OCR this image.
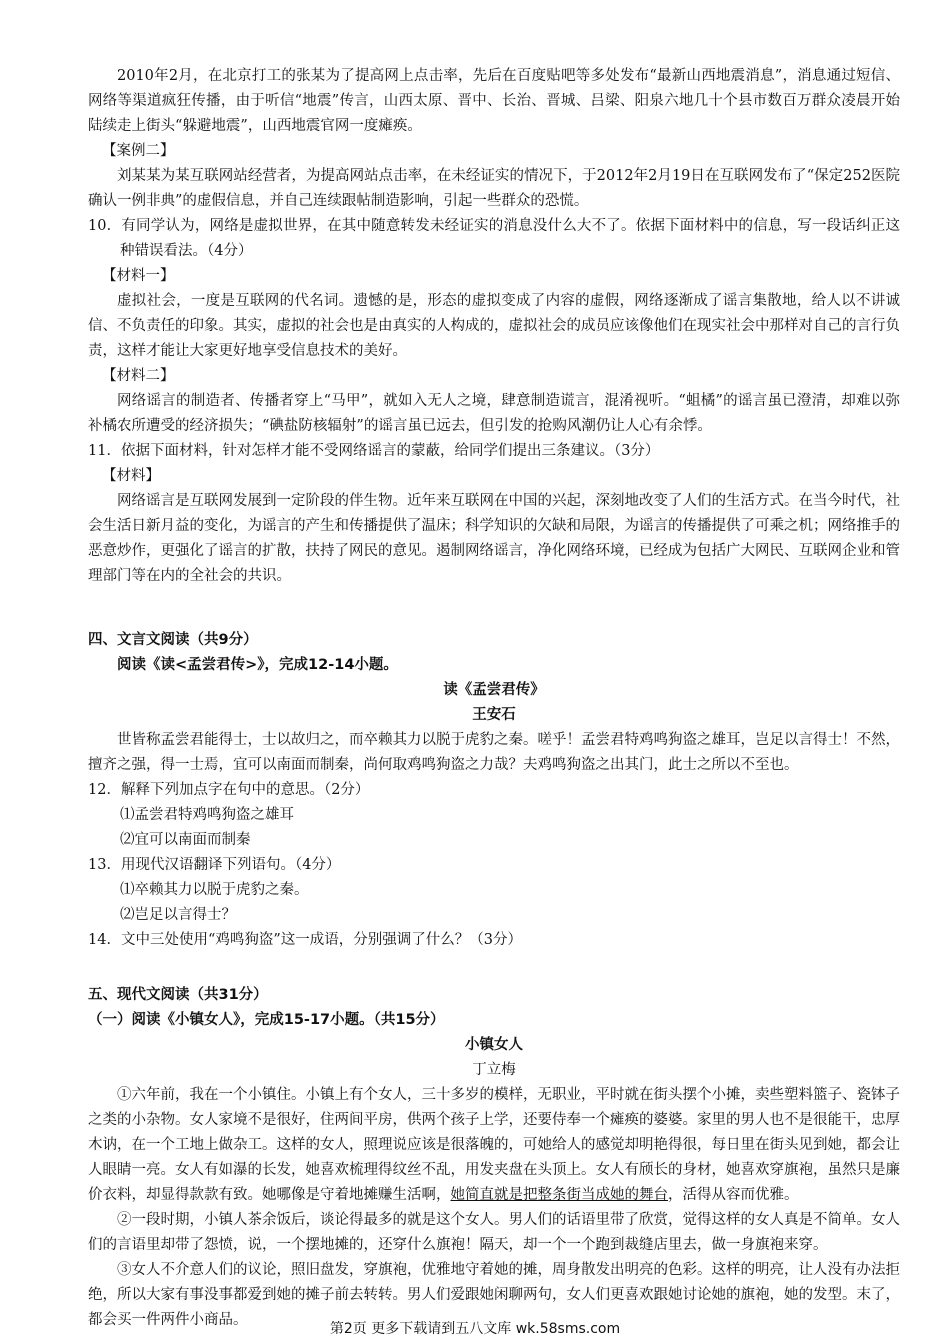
2010年2月，在北京打工的张某为了提高网上点击率，先后在百度贴吧等多处发布“最新山西地震消息”，消息通过短信、网络等渠道疯狂传播，由于听信“地震”传言，山西太原、晋中、长治、晋城、吕梁、阳泉六地几十个县市数百万群众凌晨开始陆续走上街头“躲避地震”，山西地震官网一度瘫痪。

【案例二】

刘某某为某互联网站经营者，为提高网站点击率，在未经证实的情况下，于2012年2月19日在互联网发布了“保定252医院确认一例非典”的虚假信息，并自己连续跟帖制造影响，引起一些群众的恐慌。

10．有同学认为，网络是虚拟世界，在其中随意转发未经证实的消息没什么大不了。依据下面材料中的信息，写一段话纠正这种错误看法。（4分）

【材料一】

虚拟社会，一度是互联网的代名词。遗憾的是，形态的虚拟变成了内容的虚假，网络逐渐成了谣言集散地，给人以不讲诚信、不负责任的印象。其实，虚拟的社会也是由真实的人构成的，虚拟社会的成员应该像他们在现实社会中那样对自己的言行负责，这样才能让大家更好地享受信息技术的美好。

【材料二】

网络谣言的制造者、传播者穿上“马甲”，就如入无人之境，肆意制造谎言，混淆视听。“蛆橘”的谣言虽已澄清，却难以弥补橘农所遭受的经济损失；“碘盐防核辐射”的谣言虽已远去，但引发的抢购风潮仍让人心有余悸。

11．依据下面材料，针对怎样才能不受网络谣言的蒙蔽，给同学们提出三条建议。（3分）

【材料】

网络谣言是互联网发展到一定阶段的伴生物。近年来互联网在中国的兴起，深刻地改变了人们的生活方式。在当今时代，社会生活日新月益的变化，为谣言的产生和传播提供了温床；科学知识的欠缺和局限，为谣言的传播提供了可乘之机；网络推手的恶意炒作，更强化了谣言的扩散，扶持了网民的意见。遏制网络谣言，净化网络环境，已经成为包括广大网民、互联网企业和管理部门等在内的全社会的共识。

四、文言文阅读（共9分）

阅读《读<孟尝君传>》，完成12-14小题。

读《孟尝君传》

王安石

世皆称孟尝君能得士，士以故归之，而卒赖其力以脱于虎豹之秦。嗟乎！孟尝君特鸡鸣狗盗之雄耳，岂足以言得士！不然，擅齐之强，得一士焉，宜可以南面而制秦，尚何取鸡鸣狗盗之力哉？夫鸡鸣狗盗之出其门，此士之所以不至也。

12．解释下列加点字在句中的意思。（2分）

⑴孟尝君特鸡鸣狗盗之雄耳

⑵宜可以南面而制秦

13．用现代汉语翻译下列语句。（4分）

⑴卒赖其力以脱于虎豹之秦。

⑵岂足以言得士？

14．文中三处使用“鸡鸣狗盗”这一成语，分别强调了什么？（3分）

五、现代文阅读（共31分）

（一）阅读《小镇女人》，完成15-17小题。（共15分）

小镇女人

丁立梅

①六年前，我在一个小镇住。小镇上有个女人，三十多岁的模样，无职业，平时就在街头摆个小摊，卖些塑料篮子、瓷钵子之类的小杂物。女人家境不是很好，住两间平房，供两个孩子上学，还要侍奉一个瘫痪的婆婆。家里的男人也不是很能干，忠厚木讷，在一个工地上做杂工。这样的女人，照理说应该是很落魄的，可她给人的感觉却明艳得很，每日里在街头见到她，都会让人眼睛一亮。女人有如瀑的长发，她喜欢梳理得纹丝不乱，用发夹盘在头顶上。女人有颀长的身材，她喜欢穿旗袍，虽然只是廉价衣料，却显得款款有致。她哪像是守着地摊赚生活啊，她简直就是把整条街当成她的舞台，活得从容而优雅。

②一段时期，小镇人茶余饭后，谈论得最多的就是这个女人。男人们的话语里带了欣赏，觉得这样的女人真是不简单。女人们的言语里却带了怨愤，说，一个摆地摊的，还穿什么旗袍！隔天，却一个一个跑到裁缝店里去，做一身旗袍来穿。

③女人不介意人们的议论，照旧盘发，穿旗袍，优雅地守着她的摊，周身散发出明亮的色彩。这样的明亮，让人没有办法拒绝，所以大家有事没事都爱到她的摊子前去转转。男人们爱跟她闲聊两句，女人们更喜欢跟她讨论她的旗袍，她的发型。末了，都会买一件两件小商品。

第2页 更多下载请到五八文库 wk.58sms.com
